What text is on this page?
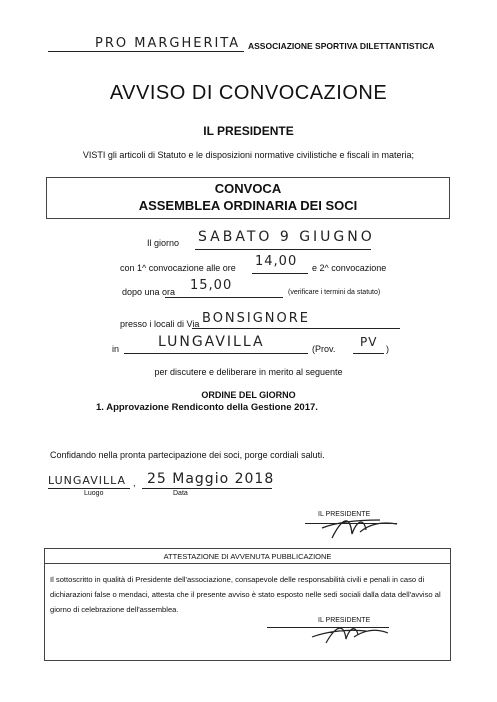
PRO MARGHERITA ASSOCIAZIONE SPORTIVA DILETTANTISTICA
AVVISO DI CONVOCAZIONE
IL PRESIDENTE
VISTI gli articoli di Statuto e le disposizioni normative civilistiche e fiscali in materia;
CONVOCA
ASSEMBLEA ORDINARIA DEI SOCI
Il giorno SABATO 9 GIUGNO
con 1^ convocazione alle ore 14,00 e 2^ convocazione
dopo una ora 15,00	(verificare i termini da statuto)
presso i locali di Via BONSIGNORE
in	LUNGAVILLA	(Prov. PV )
per discutere e deliberare in merito al seguente
ORDINE DEL GIORNO
1. Approvazione Rendiconto della Gestione 2017.
Confidando nella pronta partecipazione dei soci, porge cordiali saluti.
LUNGAVILLA , 25 Maggio 2018
Luogo	Data
IL PRESIDENTE
ATTESTAZIONE DI AVVENUTA PUBBLICAZIONE
Il sottoscritto in qualità di Presidente dell'associazione, consapevole delle responsabilità civili e penali in caso di dichiarazioni false o mendaci, attesta che il presente avviso è stato esposto nelle sedi sociali dalla data dell'avviso al giorno di celebrazione dell'assemblea.
IL PRESIDENTE
